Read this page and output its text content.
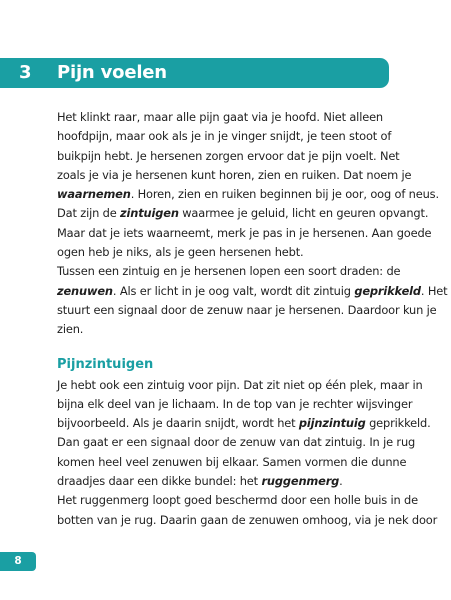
3 Pijn voelen
Het klinkt raar, maar alle pijn gaat via je hoofd. Niet alleen
hoofdpijn, maar ook als je in je vinger snijdt, je teen stoot of
buikpijn hebt. Je hersenen zorgen ervoor dat je pijn voelt. Net
zoals je via je hersenen kunt horen, zien en ruiken. Dat noem je
waarnemen. Horen, zien en ruiken beginnen bij je oor, oog of neus.
Dat zijn de zintuigen waarmee je geluid, licht en geuren opvangt.
Maar dat je iets waarneemt, merk je pas in je hersenen. Aan goede
ogen heb je niks, als je geen hersenen hebt.
Tussen een zintuig en je hersenen lopen een soort draden: de
zenuwen. Als er licht in je oog valt, wordt dit zintuig geprikkeld. Het
stuurt een signaal door de zenuw naar je hersenen. Daardoor kun je
zien.
Pijnzintuigen
Je hebt ook een zintuig voor pijn. Dat zit niet op één plek, maar in
bijna elk deel van je lichaam. In de top van je rechter wijsvinger
bijvoorbeeld. Als je daarin snijdt, wordt het pijnzintuig geprikkeld.
Dan gaat er een signaal door de zenuw van dat zintuig. In je rug
komen heel veel zenuwen bij elkaar. Samen vormen die dunne
draadjes daar een dikke bundel: het ruggenmerg.
Het ruggenmerg loopt goed beschermd door een holle buis in de
botten van je rug. Daarin gaan de zenuwen omhoog, via je nek door
8
